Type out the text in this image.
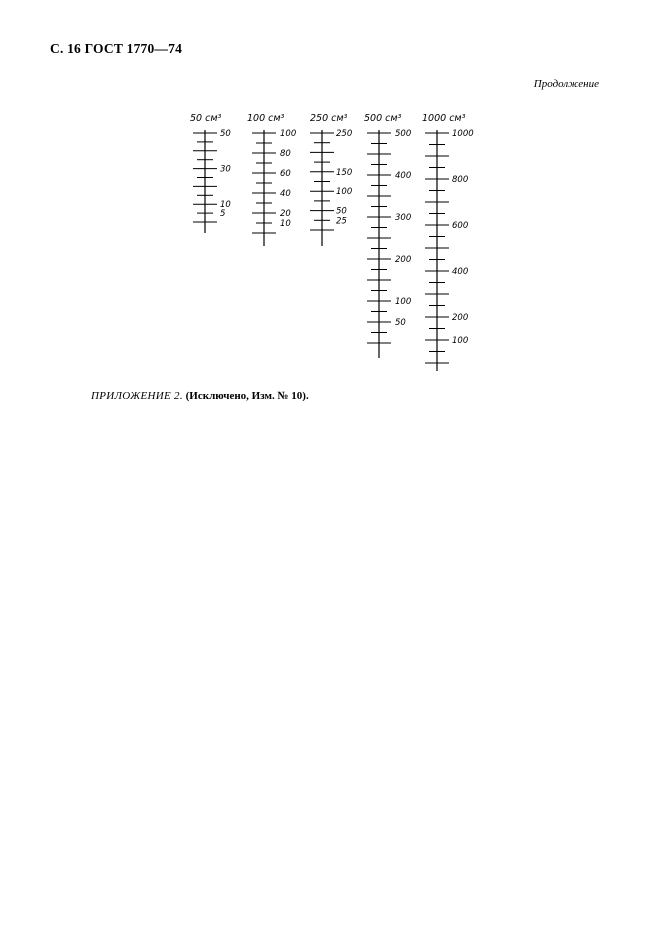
С. 16 ГОСТ 1770—74
Продолжение
50 см³
50
30
10
5
100 см³
100
80
60
40
20
10
250 см³
250
150
100
50
25
500 см³
500
400
300
200
100
50
1000 см³
1000
800
600
400
200
100
ПРИЛОЖЕНИЕ 2. (Исключено, Изм. № 10).
